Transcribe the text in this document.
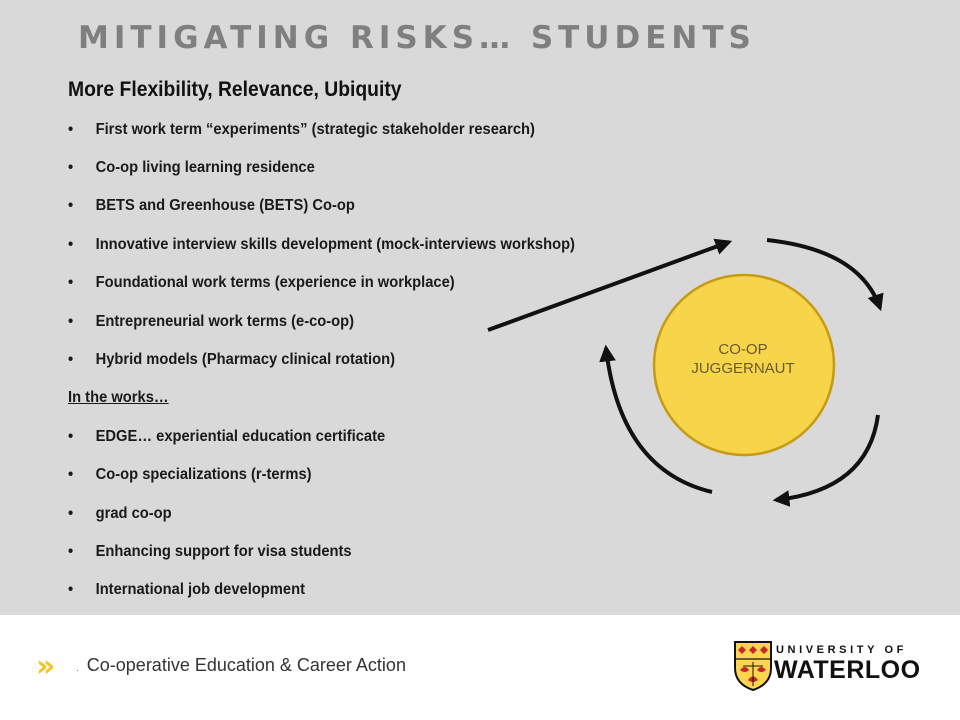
MITIGATING RISKS… STUDENTS
More Flexibility, Relevance, Ubiquity
• First work term “experiments” (strategic stakeholder research)
• Co-op living learning residence
• BETS and Greenhouse (BETS) Co-op
• Innovative interview skills development (mock-interviews workshop)
• Foundational work terms (experience in workplace)
• Entrepreneurial work terms (e-co-op)
• Hybrid models (Pharmacy clinical rotation)
In the works…
• EDGE… experiential education certificate
• Co-op specializations (r-terms)
• grad co-op
• Enhancing support for visa students
• International job development
CO-OP
JUGGERNAUT
»	. Co-operative Education & Career Action
UNIVERSITY OF
WATERLOO
